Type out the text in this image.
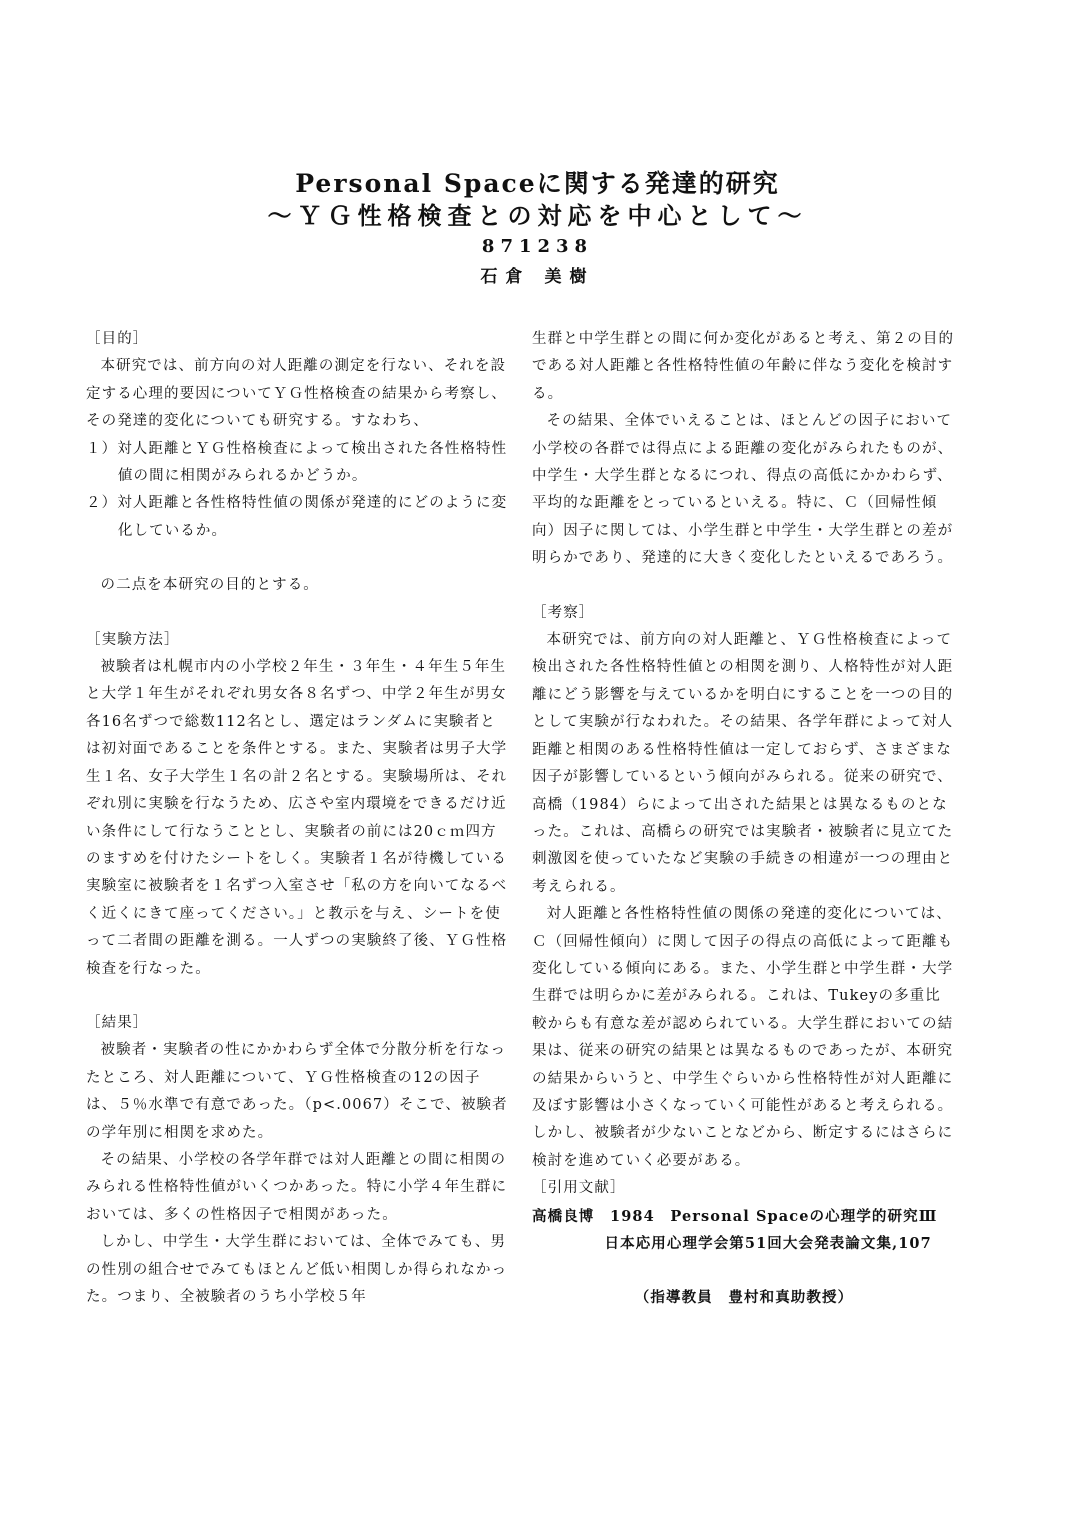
Personal Spaceに関する発達的研究

〜ＹＧ性格検査との対応を中心として〜

871238
石倉 美樹

［目的］

本研究では、前方向の対人距離の測定を行ない、それを設定する心理的要因についてＹＧ性格検査の結果から考察し、その発達的変化についても研究する。すなわち、

１）対人距離とＹＧ性格検査によって検出された各性格特性値の間に相関がみられるかどうか。

２）対人距離と各性格特性値の関係が発達的にどのように変化しているか。

の二点を本研究の目的とする。

［実験方法］

被験者は札幌市内の小学校２年生・３年生・４年生５年生と大学１年生がそれぞれ男女各８名ずつ、中学２年生が男女各16名ずつで総数112名とし、選定はランダムに実験者とは初対面であることを条件とする。また、実験者は男子大学生１名、女子大学生１名の計２名とする。実験場所は、それぞれ別に実験を行なうため、広さや室内環境をできるだけ近い条件にして行なうこととし、実験者の前には20ｃｍ四方のますめを付けたシートをしく。実験者１名が待機している実験室に被験者を１名ずつ入室させ「私の方を向いてなるべく近くにきて座ってください。」と教示を与え、シートを使って二者間の距離を測る。一人ずつの実験終了後、ＹＧ性格検査を行なった。

［結果］

被験者・実験者の性にかかわらず全体で分散分析を行なったところ、対人距離について、ＹＧ性格検査の12の因子は、５％水準で有意であった。（p<.0067）そこで、被験者の学年別に相関を求めた。

その結果、小学校の各学年群では対人距離との間に相関のみられる性格特性値がいくつかあった。特に小学４年生群においては、多くの性格因子で相関があった。

しかし、中学生・大学生群においては、全体でみても、男の性別の組合せでみてもほとんど低い相関しか得られなかった。つまり、全被験者のうち小学校５年

生群と中学生群との間に何か変化があると考え、第２の目的である対人距離と各性格特性値の年齢に伴なう変化を検討する。

その結果、全体でいえることは、ほとんどの因子において小学校の各群では得点による距離の変化がみられたものが、中学生・大学生群となるにつれ、得点の高低にかかわらず、平均的な距離をとっているといえる。特に、Ｃ（回帰性傾向）因子に関しては、小学生群と中学生・大学生群との差が明らかであり、発達的に大きく変化したといえるであろう。

［考察］

本研究では、前方向の対人距離と、ＹＧ性格検査によって検出された各性格特性値との相関を測り、人格特性が対人距離にどう影響を与えているかを明白にすることを一つの目的として実験が行なわれた。その結果、各学年群によって対人距離と相関のある性格特性値は一定しておらず、さまざまな因子が影響しているという傾向がみられる。従来の研究で、高橋（1984）らによって出された結果とは異なるものとなった。これは、高橋らの研究では実験者・被験者に見立てた刺激図を使っていたなど実験の手続きの相違が一つの理由と考えられる。

対人距離と各性格特性値の関係の発達的変化については、Ｃ（回帰性傾向）に関して因子の得点の高低によって距離も変化している傾向にある。また、小学生群と中学生群・大学生群では明らかに差がみられる。これは、Tukeyの多重比較からも有意な差が認められている。大学生群においての結果は、従来の研究の結果とは異なるものであったが、本研究の結果からいうと、中学生ぐらいから性格特性が対人距離に及ぼす影響は小さくなっていく可能性があると考えられる。しかし、被験者が少ないことなどから、断定するにはさらに検討を進めていく必要がある。

［引用文献］

高橋良博　1984　Personal Spaceの心理学的研究Ⅲ

日本応用心理学会第51回大会発表論文集,107

（指導教員　豊村和真助教授）
